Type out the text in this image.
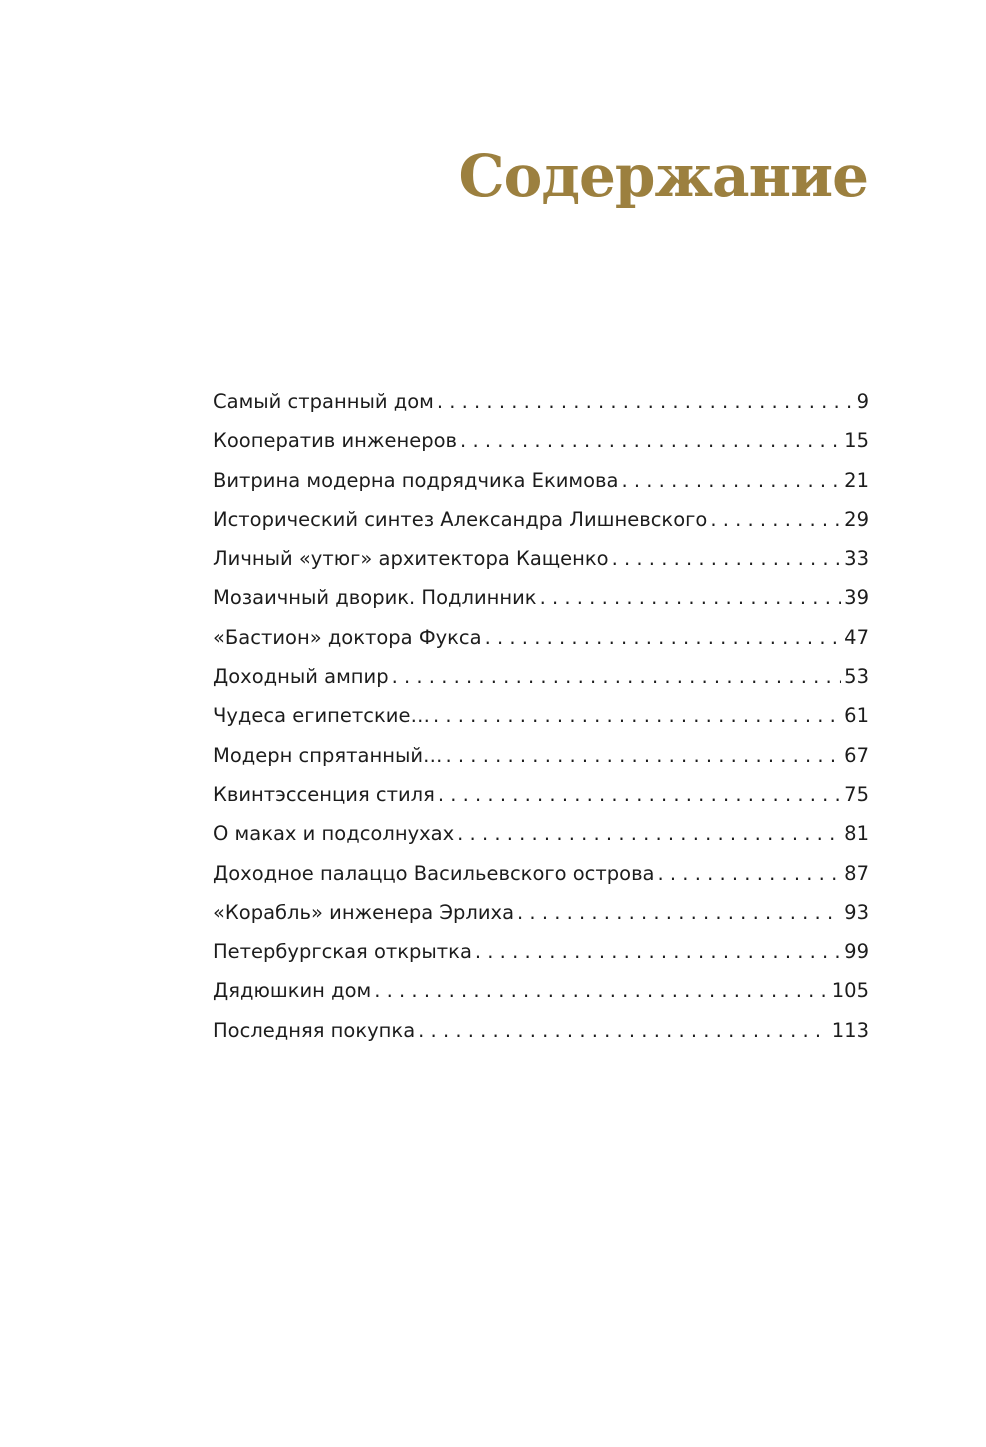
Содержание
Самый странный дом . . .	9
Кооператив инженеров . . .	15
Витрина модерна подрядчика Екимова . . .	21
Исторический синтез Александра Лишневского . . .	29
Личный «утюг» архитектора Кащенко . . .	33
Мозаичный дворик. Подлинник . . .	39
«Бастион» доктора Фукса . . .	47
Доходный ампир . . .	53
Чудеса египетские… . . .	61
Модерн спрятанный… . . .	67
Квинтэссенция стиля . . .	75
О маках и подсолнухах . . .	81
Доходное палаццо Васильевского острова . . .	87
«Корабль» инженера Эрлиха . . .	93
Петербургская открытка . . .	99
Дядюшкин дом . . .	105
Последняя покупка . . .	113
